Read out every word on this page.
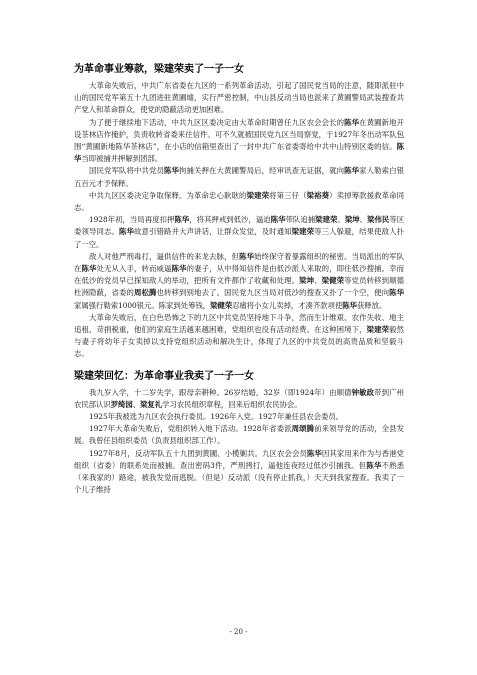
为革命事业筹款，梁建荣卖了一子一女

大革命失败后，中共广东省委在九区的一系列革命活动，引起了国民党当局的注意，随即派驻中山的国民党军第五十九团进驻黄圃墟，实行严密控制，中山县反动当局也派来了黄圃警局武装搜查共产党人和革命群众，使党的隐蔽活动更加困难。

为了便于继续地下活动，中共九区区委决定由大革命时期曾任九区农会会长的陈华在黄圃新地开设茶林店作掩护，负责收转省委来往信件。可不久就被国民党九区当局察觉，于1927年冬出动军队包围“黄圃新地陈华茶林店”，在小店的信箱里查出了一封中共广东省委寄给中共中山特别区委的信。陈华当即被捕并押解到团部。

国民党军队将中共党员陈华拘捕关押在大黄圃警局后，经审讯查无证据，就向陈华家人勒索白银五百元才予保释。

中共九区区委决定争取保释。为革命忠心耿耿的梁建荣将第三仔（梁裕葵）卖掉筹款援救革命同志。

1928年初，当局再度扣押陈华，将其押戒到低沙，逼迫陈华带队追捕梁建荣、梁坤、梁伟民等区委领导同志。陈华故意引错路并大声讲话，让群众发觉，及时通知梁建荣等三人躲避，结果使敌人扑了一空。

敌人对他严刑毒打，逼供信件的来龙去脉，但陈华始终保守着暴露组织的秘密。当局派出的军队在陈华处无从入手，转而威逼陈华的妻子，从中得知信件是由低沙派人来取的，即往低沙搜捕。幸而在低沙的党员早已探知敌人的举动，把所有文件都作了收藏和处理。梁坤、梁健荣等党员转移到顺德杜洲隐蔽，省委的周松腾也转移到别地去了。国民党九区当局对低沙的搜查又扑了一个空，便向陈华家属强行勒索1000银元。陈家到处筹钱，梁健荣忍痛将小女儿卖掉，才凑齐款项使陈华获释放。

大革命失败后，在白色恐怖之下的九区中共党员坚持地下斗争，然而生计维艰、农作失收、地主追租、苛捐税重，他们的家庭生活越来越困难，党组织也没有活动经费。在这种困境下，梁建荣毅然与妻子将幼年子女卖掉以支持党组织活动和解决生计，体现了九区的中共党员的高贵品质和坚毅斗志。

梁建荣回忆：为革命事业我卖了一子一女

我九岁入学，十二岁失学，跟母亲耕种。26岁结婚，32岁（即1924年）由顺德钟敏政带到广州农民部认识罗绮园、梁复礼学习农民组织章程，回来后组织农民协会。

1925年我被选为九区农会执行委员。1926年入党。1927年兼任县农会委员。

1927年大革命失败后，党组织转入地下活动。1928年省委派周颂腾前来领导党的活动，全县发展。我曾任县组织委员（负责县组织部工作）。

1927年8月，反动军队五十九团到黄圃、小榄剿共。九区农会会员陈华因其家用来作为与香港党组织（省委）的联系处而被捕。查出密码3件，严刑拷打，逼他连夜经过低沙引捕我。但陈华不熟悉（来我家的）路途，被我发觉而逃脱。（但是）反动派（没有停止抓我，）天天到我家搜查。我卖了一个儿子维持

- 20 -
